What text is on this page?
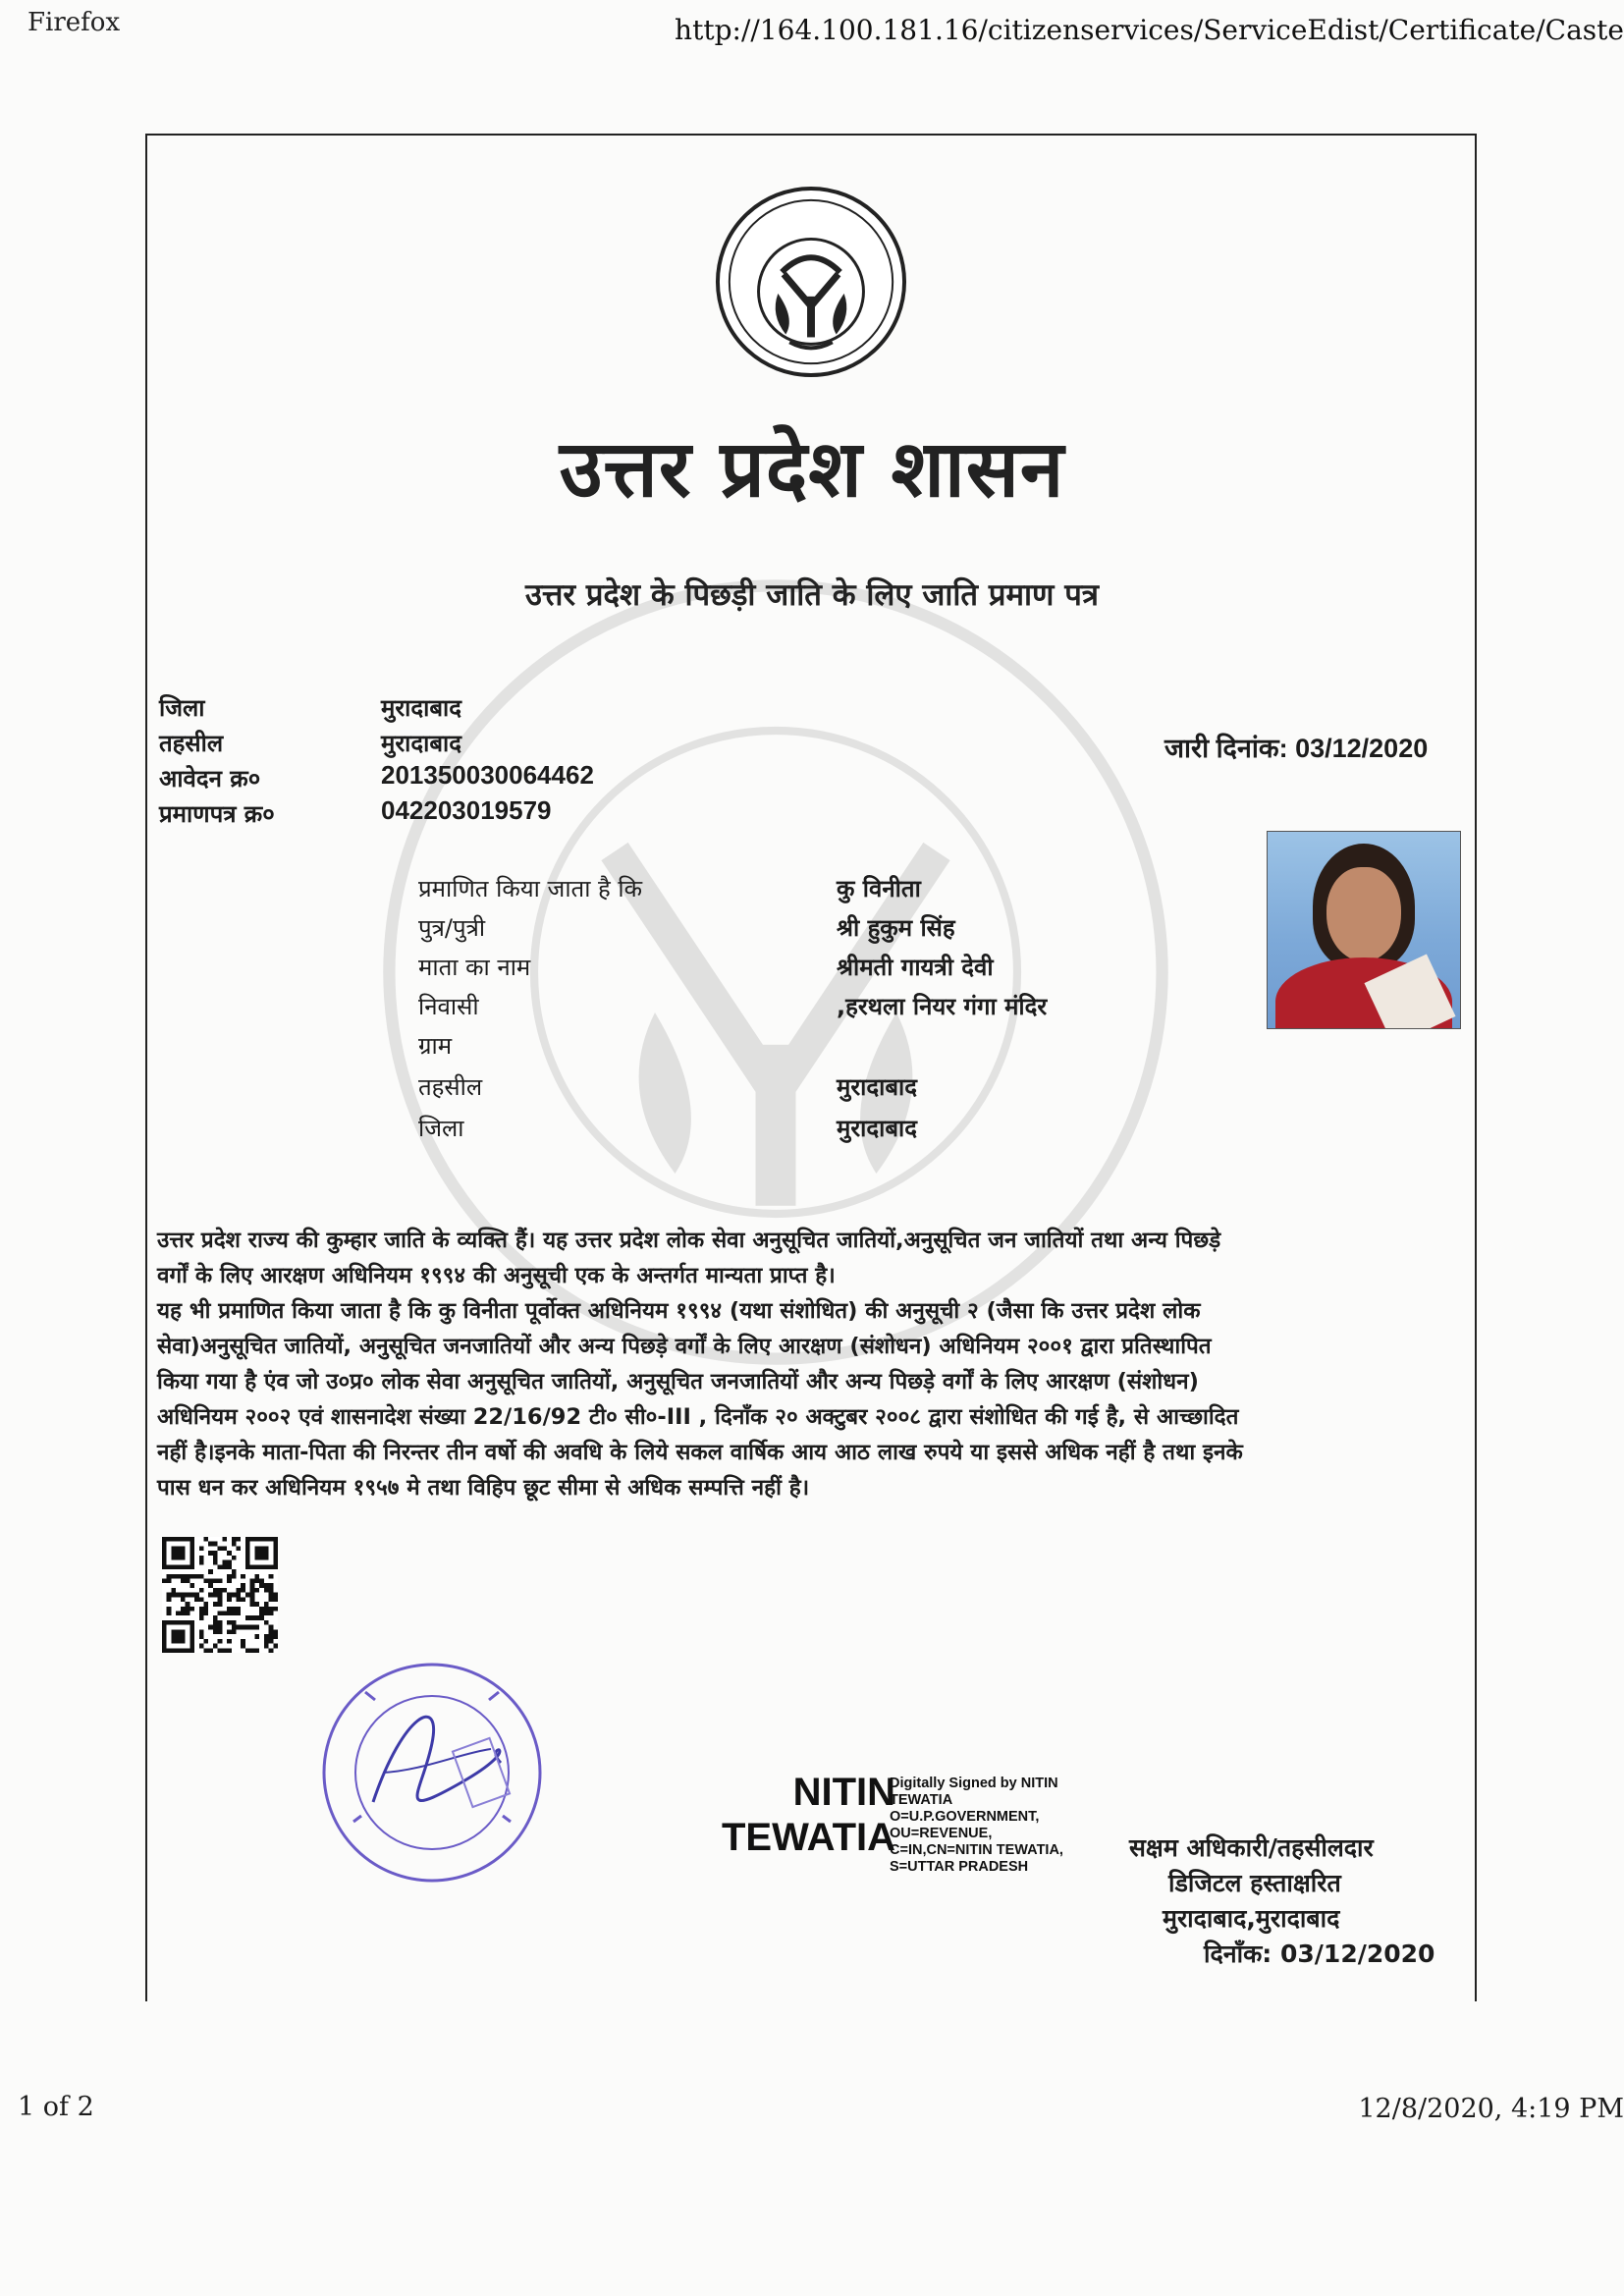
Firefox	http://164.100.181.16/citizenservices/ServiceEdist/Certificate/Caste
1 of 2	12/8/2020, 4:19 PM
उत्तर प्रदेश शासन
उत्तर प्रदेश के पिछड़ी जाति के लिए जाति प्रमाण पत्र
जिला	मुरादाबाद
तहसील	मुरादाबाद
आवेदन क्र०	201350030064462
प्रमाणपत्र क्र०	042203019579
जारी दिनांक: 03/12/2020
प्रमाणित किया जाता है कि	कु विनीता
पुत्र/पुत्री	श्री हुकुम सिंह
माता का नाम	श्रीमती गायत्री देवी
निवासी	,हरथला नियर गंगा मंदिर
ग्राम
तहसील	मुरादाबाद
जिला	मुरादाबाद
उत्तर प्रदेश राज्य की कुम्हार जाति के व्यक्ति हैं। यह उत्तर प्रदेश लोक सेवा अनुसूचित जातियों,अनुसूचित जन जातियों तथा अन्य पिछड़े
वर्गों के लिए आरक्षण अधिनियम १९९४ की अनुसूची एक के अन्तर्गत मान्यता प्राप्त है।
यह भी प्रमाणित किया जाता है कि कु विनीता पूर्वोक्त अधिनियम १९९४ (यथा संशोधित) की अनुसूची २ (जैसा कि उत्तर प्रदेश लोक
सेवा)अनुसूचित जातियों, अनुसूचित जनजातियों और अन्य पिछड़े वर्गों के लिए आरक्षण (संशोधन) अधिनियम २००१ द्वारा प्रतिस्थापित
किया गया है एंव जो उ०प्र० लोक सेवा अनुसूचित जातियों, अनुसूचित जनजातियों और अन्य पिछड़े वर्गों के लिए आरक्षण (संशोधन)
अधिनियम २००२ एवं शासनादेश संख्या 22/16/92 टी० सी०-III , दिनाँक २० अक्टुबर २००८ द्वारा संशोधित की गई है, से आच्छादित
नहीं है।इनके माता-पिता की निरन्तर तीन वर्षो की अवधि के लिये सकल वार्षिक आय आठ लाख रुपये या इससे अधिक नहीं है तथा इनके
पास धन कर अधिनियम १९५७ मे तथा विहिप छूट सीमा से अधिक सम्पत्ति नहीं है।
NITIN
TEWATIA
Digitally Signed by NITIN
TEWATIA
O=U.P.GOVERNMENT,
OU=REVENUE,
C=IN,CN=NITIN TEWATIA,
S=UTTAR PRADESH
सक्षम अधिकारी/तहसीलदार
डिजिटल हस्ताक्षरित
मुरादाबाद,मुरादाबाद
दिनाँक: 03/12/2020
